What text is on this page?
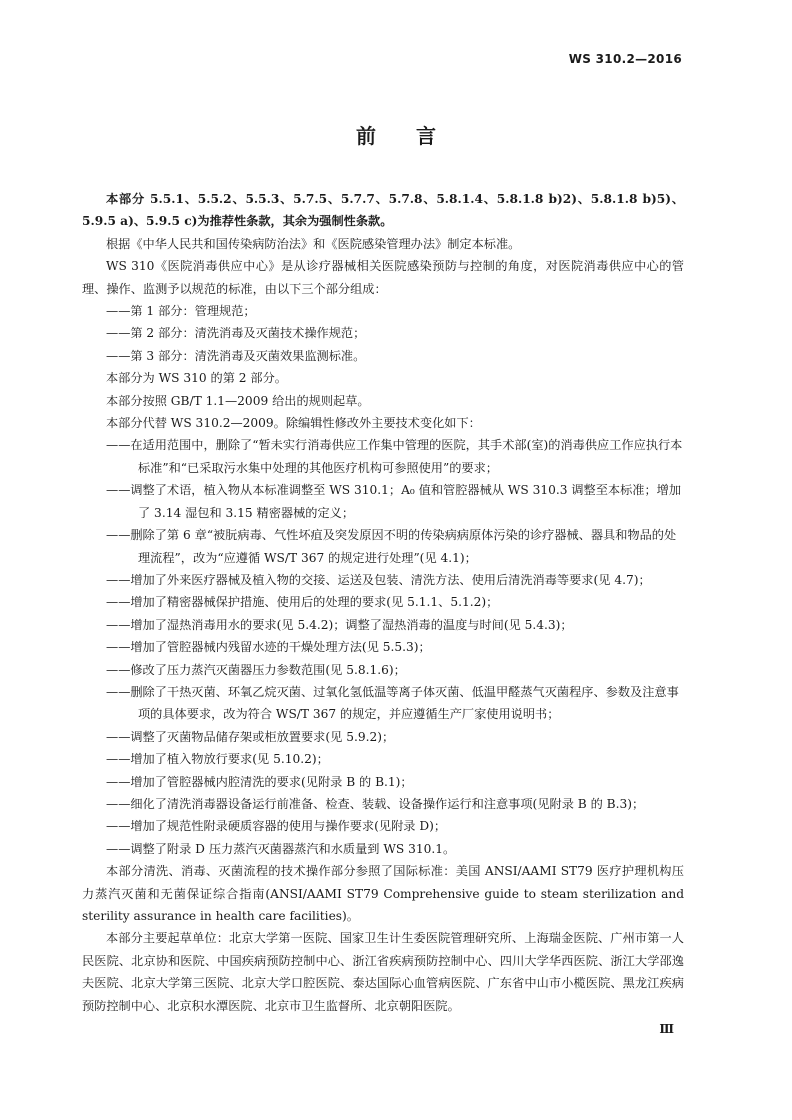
WS 310.2—2016
前言

本部分 5.5.1、5.5.2、5.5.3、5.7.5、5.7.7、5.7.8、5.8.1.4、5.8.1.8 b)2)、5.8.1.8 b)5)、5.9.5 a)、5.9.5 c)为推荐性条款，其余为强制性条款。

根据《中华人民共和国传染病防治法》和《医院感染管理办法》制定本标准。

WS 310《医院消毒供应中心》是从诊疗器械相关医院感染预防与控制的角度，对医院消毒供应中心的管理、操作、监测予以规范的标准，由以下三个部分组成：

——第 1 部分：管理规范；

——第 2 部分：清洗消毒及灭菌技术操作规范；

——第 3 部分：清洗消毒及灭菌效果监测标准。

本部分为 WS 310 的第 2 部分。

本部分按照 GB/T 1.1—2009 给出的规则起草。

本部分代替 WS 310.2—2009。除编辑性修改外主要技术变化如下：

——在适用范围中，删除了“暂未实行消毒供应工作集中管理的医院，其手术部(室)的消毒供应工作应执行本标准”和“已采取污水集中处理的其他医疗机构可参照使用”的要求；

——调整了术语，植入物从本标准调整至 WS 310.1；A₀ 值和管腔器械从 WS 310.3 调整至本标准；增加了 3.14 湿包和 3.15 精密器械的定义；

——删除了第 6 章“被朊病毒、气性坏疽及突发原因不明的传染病病原体污染的诊疗器械、器具和物品的处理流程”，改为“应遵循 WS/T 367 的规定进行处理”(见 4.1)；

——增加了外来医疗器械及植入物的交接、运送及包装、清洗方法、使用后清洗消毒等要求(见 4.7)；

——增加了精密器械保护措施、使用后的处理的要求(见 5.1.1、5.1.2)；

——增加了湿热消毒用水的要求(见 5.4.2)；调整了湿热消毒的温度与时间(见 5.4.3)；

——增加了管腔器械内残留水迹的干燥处理方法(见 5.5.3)；

——修改了压力蒸汽灭菌器压力参数范围(见 5.8.1.6)；

——删除了干热灭菌、环氧乙烷灭菌、过氧化氢低温等离子体灭菌、低温甲醛蒸气灭菌程序、参数及注意事项的具体要求，改为符合 WS/T 367 的规定，并应遵循生产厂家使用说明书；

——调整了灭菌物品储存架或柜放置要求(见 5.9.2)；

——增加了植入物放行要求(见 5.10.2)；

——增加了管腔器械内腔清洗的要求(见附录 B 的 B.1)；

——细化了清洗消毒器设备运行前准备、检查、装载、设备操作运行和注意事项(见附录 B 的 B.3)；

——增加了规范性附录硬质容器的使用与操作要求(见附录 D)；

——调整了附录 D 压力蒸汽灭菌器蒸汽和水质量到 WS 310.1。

本部分清洗、消毒、灭菌流程的技术操作部分参照了国际标准：美国 ANSI/AAMI ST79 医疗护理机构压力蒸汽灭菌和无菌保证综合指南(ANSI/AAMI ST79 Comprehensive guide to steam sterilization and sterility assurance in health care facilities)。

本部分主要起草单位：北京大学第一医院、国家卫生计生委医院管理研究所、上海瑞金医院、广州市第一人民医院、北京协和医院、中国疾病预防控制中心、浙江省疾病预防控制中心、四川大学华西医院、浙江大学邵逸夫医院、北京大学第三医院、北京大学口腔医院、泰达国际心血管病医院、广东省中山市小榄医院、黑龙江疾病预防控制中心、北京积水潭医院、北京市卫生监督所、北京朝阳医院。

Ⅲ
